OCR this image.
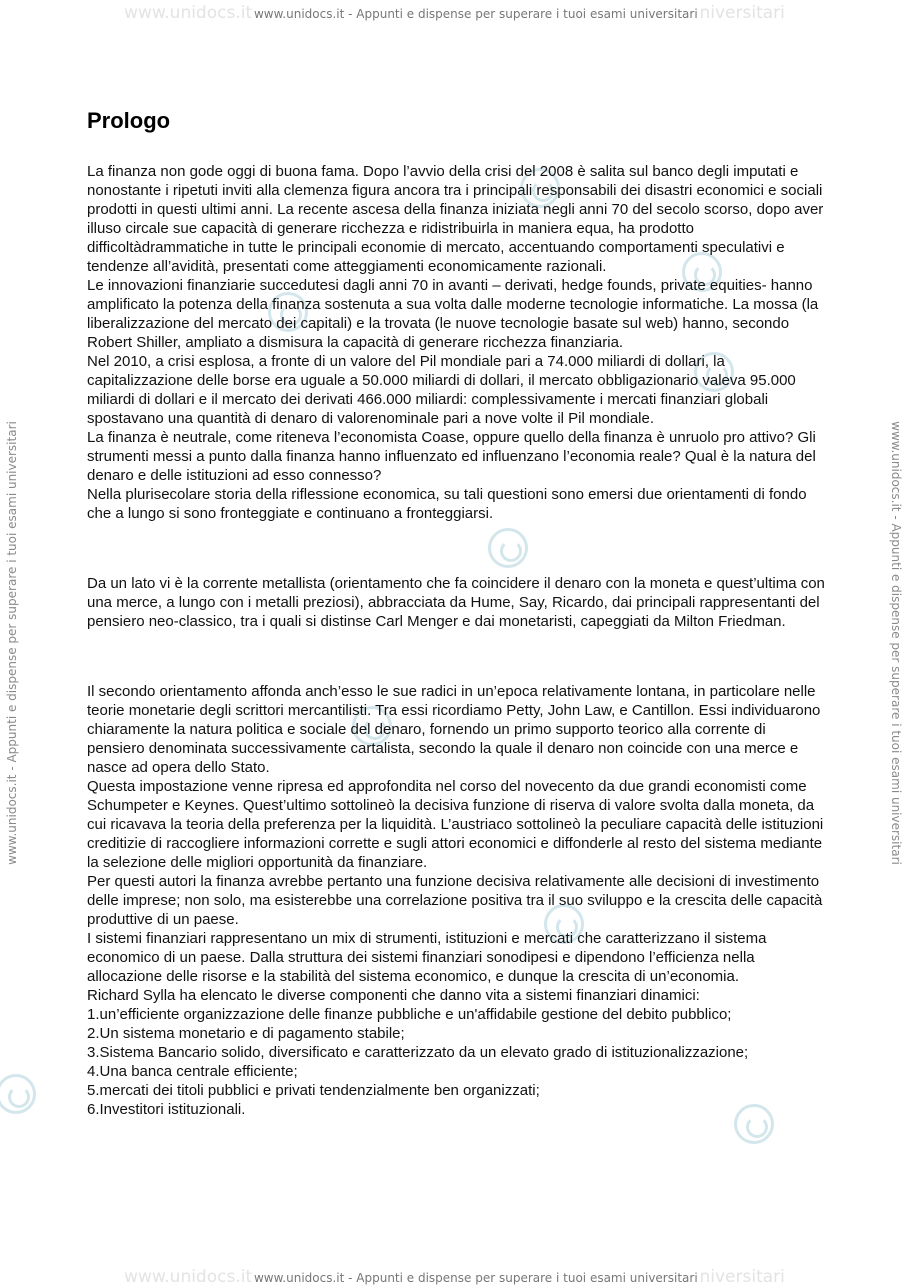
www.unidocs.it www.unidocs.it - Appunti e dispense per superare i tuoi esami universitari niversitari
www.unidocs.it www.unidocs.it - Appunti e dispense per superare i tuoi esami universitari niversitari
www.unidocs.it - Appunti e dispense per superare i tuoi esami universitari	www.unidocs.it - Appunti e dispense per superare i tuoi esami universitari
Prologo

La finanza non gode oggi di buona fama. Dopo l’avvio della crisi del 2008 è salita sul banco degli imputati e nonostante i ripetuti inviti alla clemenza figura ancora tra i principali responsabili dei disastri economici e sociali prodotti in questi ultimi anni. La recente ascesa della finanza iniziata negli anni 70 del secolo scorso, dopo aver illuso circale sue capacità di generare ricchezza e ridistribuirla in maniera equa, ha prodotto difficoltàdrammatiche in tutte le principali economie di mercato, accentuando comportamenti speculativi e tendenze all’avidità, presentati come atteggiamenti economicamente razionali.

Le innovazioni finanziarie succedutesi dagli anni 70 in avanti – derivati, hedge founds, private equities- hanno amplificato la potenza della finanza sostenuta a sua volta dalle moderne tecnologie informatiche. La mossa (la liberalizzazione del mercato dei capitali) e la trovata (le nuove tecnologie basate sul web) hanno, secondo Robert Shiller, ampliato a dismisura la capacità di generare ricchezza finanziaria.

Nel 2010, a crisi esplosa, a fronte di un valore del Pil mondiale pari a 74.000 miliardi di dollari, la capitalizzazione delle borse era uguale a 50.000 miliardi di dollari, il mercato obbligazionario valeva 95.000 miliardi di dollari e il mercato dei derivati 466.000 miliardi: complessivamente i mercati finanziari globali spostavano una quantità di denaro di valorenominale pari a nove volte il Pil mondiale.

La finanza è neutrale, come riteneva l’economista Coase, oppure quello della finanza è unruolo pro attivo? Gli strumenti messi a punto dalla finanza hanno influenzato ed influenzano l’economia reale? Qual è la natura del denaro e delle istituzioni ad esso connesso?

Nella plurisecolare storia della riflessione economica, su tali questioni sono emersi due orientamenti di fondo che a lungo si sono fronteggiate e continuano a fronteggiarsi.

Da un lato vi è la corrente metallista (orientamento che fa coincidere il denaro con la moneta e quest’ultima con una merce, a lungo con i metalli preziosi), abbracciata da Hume, Say, Ricardo, dai principali rappresentanti del pensiero neo-classico, tra i quali si distinse Carl Menger e dai monetaristi, capeggiati da Milton Friedman.

Il secondo orientamento affonda anch’esso le sue radici in un’epoca relativamente lontana, in particolare nelle teorie monetarie degli scrittori mercantilisti. Tra essi ricordiamo Petty, John Law, e Cantillon. Essi individuarono chiaramente la natura politica e sociale del denaro, fornendo un primo supporto teorico alla corrente di pensiero denominata successivamente cartalista, secondo la quale il denaro non coincide con una merce e nasce ad opera dello Stato.

Questa impostazione venne ripresa ed approfondita nel corso del novecento da due grandi economisti come Schumpeter e Keynes. Quest’ultimo sottolineò la decisiva funzione di riserva di valore svolta dalla moneta, da cui ricavava la teoria della preferenza per la liquidità. L’austriaco sottolineò la peculiare capacità delle istituzioni creditizie di raccogliere informazioni corrette e sugli attori economici e diffonderle al resto del sistema mediante la selezione delle migliori opportunità da finanziare.

Per questi autori la finanza avrebbe pertanto una funzione decisiva relativamente alle decisioni di investimento delle imprese; non solo, ma esisterebbe una correlazione positiva tra il suo sviluppo e la crescita delle capacità produttive di un paese.

I sistemi finanziari rappresentano un mix di strumenti, istituzioni e mercati che caratterizzano il sistema economico di un paese. Dalla struttura dei sistemi finanziari sonodipesi e dipendono l’efficienza nella allocazione delle risorse e la stabilità del sistema economico, e dunque la crescita di un’economia.

Richard Sylla ha elencato le diverse componenti che danno vita a sistemi finanziari dinamici:

1.un’efficiente organizzazione delle finanze pubbliche e un'affidabile gestione del debito pubblico;

2.Un sistema monetario e di pagamento stabile;

3.Sistema Bancario solido, diversificato e caratterizzato da un elevato grado di istituzionalizzazione;

4.Una banca centrale efficiente;

5.mercati dei titoli pubblici e privati tendenzialmente ben organizzati;

6.Investitori istituzionali.
